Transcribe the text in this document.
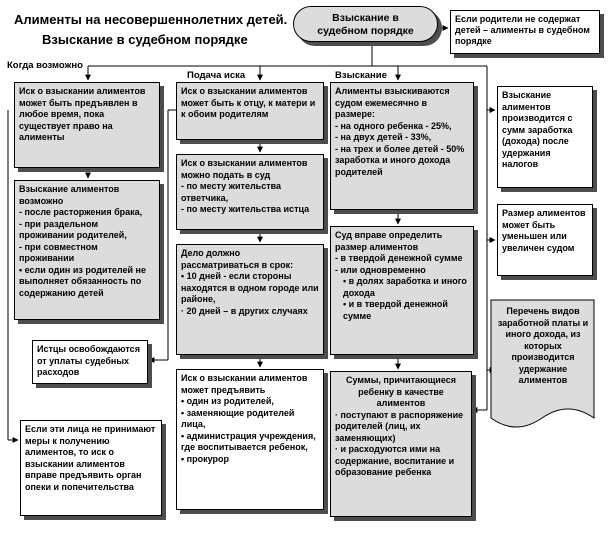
Алименты на несовершеннолетних детей.
Взыскание в судебном порядке
Взыскание в судебном порядке
Если родители не содержат детей – алименты в судебном порядке
Когда возможно
Подача иска	Взыскание
Иск о взыскании алиментов может быть предъявлен в любое время, пока существует право на алименты
Взыскание алиментов возможно
- после расторжения брака,
- при раздельном проживании родителей,
- при совместном проживании
• если один из родителей не выполняет обязанность по содержанию детей
Истцы освобождаются от уплаты судебных расходов
Если эти лица не принимают меры к получению алиментов, то иск о взыскании алиментов вправе предъявить орган опеки и попечительства
Иск о взыскании алиментов может быть к отцу, к матери и к обоим родителям
Иск о взыскании алиментов можно подать в суд
- по месту жительства ответчика,
- по месту жительства истца
Дело должно рассматриваться в срок:
• 10 дней - если стороны находятся в одном городе или районе,
· 20 дней – в других случаях
Иск о взыскании алиментов может предъявить
• один из родителей,
• заменяющие родителей лица,
• администрация учреждения, где воспитывается ребенок,
• прокурор
Алименты взыскиваются судом ежемесячно в размере:
- на одного ребенка - 25%,
- на двух детей - 33%,
- на трех и более детей - 50% заработка и иного дохода родителей
Суд вправе определить размер алиментов
- в твердой денежной сумме
- или одновременно
• в долях заработка и иного дохода
• и в твердой денежной сумме
Суммы, причитающиеся ребенку в качестве алиментов
· поступают в распоряжение родителей (лиц, их заменяющих)
· и расходуются ими на содержание, воспитание и образование ребенка
Взыскание алиментов производится с сумм заработка (дохода) после удержания налогов
Размер алиментов может быть уменьшен или увеличен судом
Перечень видов заработной платы и иного дохода, из которых производится удержание алиментов
